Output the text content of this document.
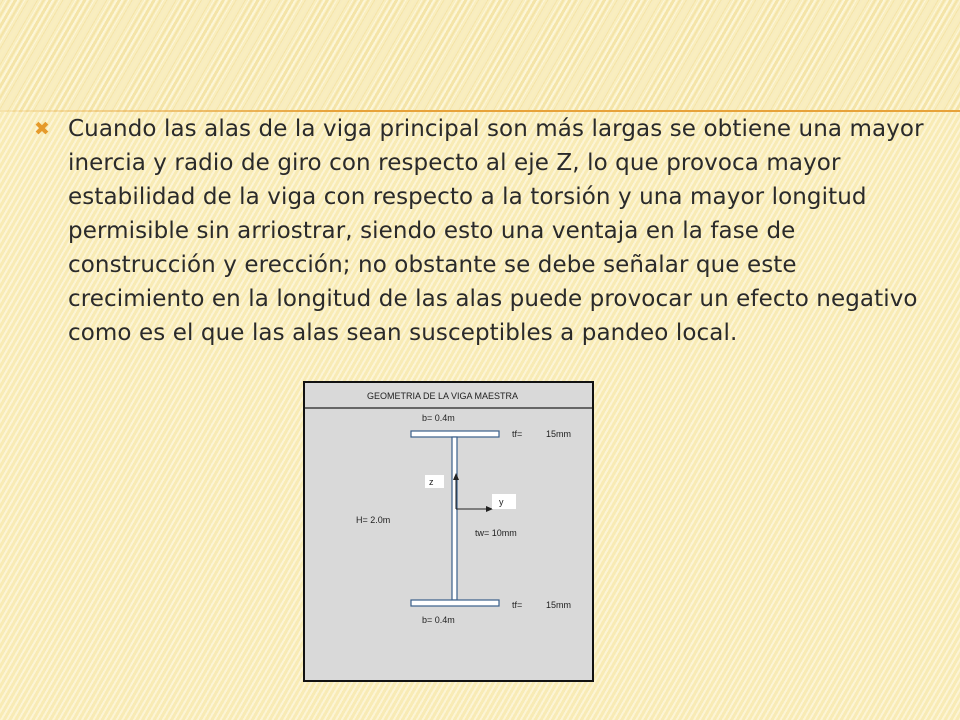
✖ Cuando las alas de la viga principal son más largas se obtiene una mayor inercia y radio de giro con respecto al eje Z, lo que provoca mayor estabilidad de la viga con respecto a la torsión y una mayor longitud permisible sin arriostrar, siendo esto una ventaja en la fase de construcción y erección; no obstante se debe señalar que este crecimiento en la longitud de las alas puede provocar un efecto negativo como es el que las alas sean susceptibles a pandeo local.

GEOMETRIA DE LA VIGA MAESTRA
b= 0.4m
tf=	15mm
z
y
H= 2.0m
tw= 10mm
tf=	15mm
b= 0.4m
